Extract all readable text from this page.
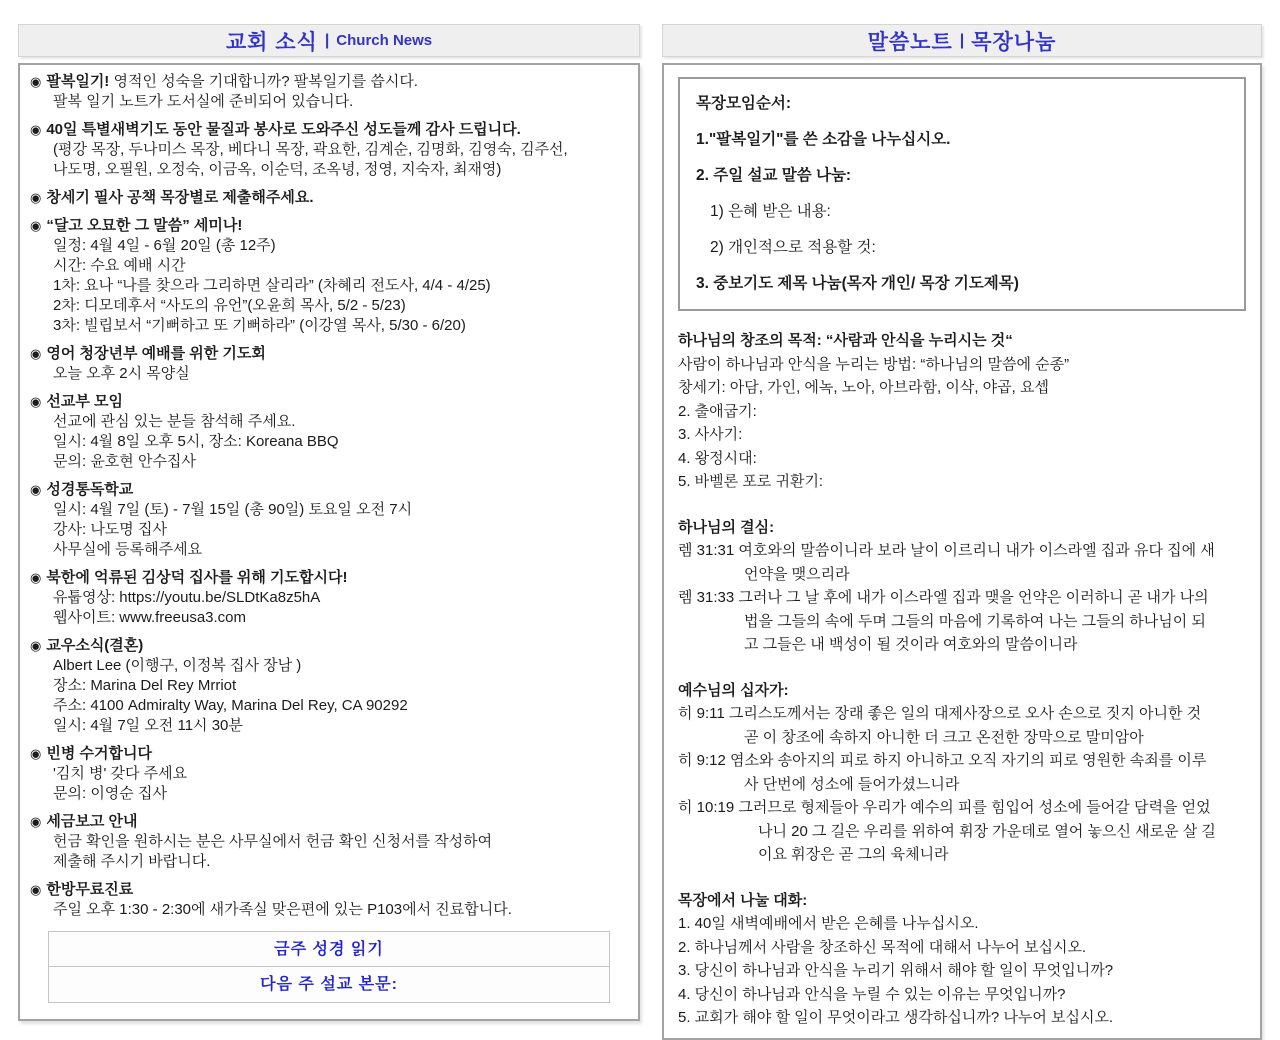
교회 소식 | Church News
◉ 팔복일기! 영적인 성숙을 기대합니까? 팔복일기를 씁시다.
팔복 일기 노트가 도서실에 준비되어 있습니다.
◉ 40일 특별새벽기도 동안 물질과 봉사로 도와주신 성도들께 감사 드립니다.
(평강 목장, 두나미스 목장, 베다니 목장, 곽요한, 김계순, 김명화, 김영숙, 김주선,
나도명, 오필원, 오정숙, 이금옥, 이순덕, 조옥녕, 정영, 지숙자, 최재영)
◉ 창세기 필사 공책 목장별로 제출해주세요.
◉ “달고 오묘한 그 말씀” 세미나!
일정: 4월 4일 - 6월 20일 (총 12주)
시간: 수요 예배 시간
1차: 요나 “나를 찾으라 그리하면 살리라” (차혜리 전도사, 4/4 - 4/25)
2차: 디모데후서 “사도의 유언”(오윤희 목사, 5/2 - 5/23)
3차: 빌립보서 “기뻐하고 또 기뻐하라” (이강열 목사, 5/30 - 6/20)
◉ 영어 청장년부 예배를 위한 기도회
오늘 오후 2시 목양실
◉ 선교부 모임
선교에 관심 있는 분들 참석해 주세요.
일시: 4월 8일 오후 5시, 장소: Koreana BBQ
문의: 윤호현 안수집사
◉ 성경통독학교
일시: 4월 7일 (토) - 7월 15일 (총 90일) 토요일 오전 7시
강사: 나도명 집사
사무실에 등록해주세요
◉ 북한에 억류된 김상덕 집사를 위해 기도합시다!
유툽영상: https://youtu.be/SLDtKa8z5hA
웹사이트: www.freeusa3.com
◉ 교우소식(결혼)
Albert Lee (이행구, 이정복 집사 장남 )
장소: Marina Del Rey Mrriot
주소: 4100 Admiralty Way, Marina Del Rey, CA 90292
일시: 4월 7일 오전 11시 30분
◉ 빈병 수거합니다
'김치 병' 갖다 주세요
문의: 이영순 집사
◉ 세금보고 안내
헌금 확인을 원하시는 분은 사무실에서 헌금 확인 신청서를 작성하여
제출해 주시기 바랍니다.
◉ 한방무료진료
주일 오후 1:30 - 2:30에 새가족실 맞은편에 있는 P103에서 진료합니다.
금주 성경 읽기
다음 주 설교 본문:
말씀노트 | 목장나눔
목장모임순서:
1."팔복일기"를 쓴 소감을 나누십시오.
2. 주일 설교 말씀 나눔:
1) 은혜 받은 내용:
2) 개인적으로 적용할 것:
3. 중보기도 제목 나눔(목자 개인/ 목장 기도제목)
하나님의 창조의 목적: “사람과 안식을 누리시는 것“
사람이 하나님과 안식을 누리는 방법: “하나님의 말씀에 순종”
창세기: 아담, 가인, 에녹, 노아, 아브라함, 이삭, 야곱, 요셉
2. 출애굽기:
3. 사사기:
4. 왕정시대:
5. 바벨론 포로 귀환기:
하나님의 결심:
렘 31:31 여호와의 말씀이니라 보라 날이 이르리니 내가 이스라엘 집과 유다 집에 새
언약을 맺으리라
렘 31:33 그러나 그 날 후에 내가 이스라엘 집과 맺을 언약은 이러하니 곧 내가 나의
법을 그들의 속에 두며 그들의 마음에 기록하여 나는 그들의 하나님이 되
고 그들은 내 백성이 될 것이라 여호와의 말씀이니라
예수님의 십자가:
히 9:11 그리스도께서는 장래 좋은 일의 대제사장으로 오사 손으로 짓지 아니한 것
곧 이 창조에 속하지 아니한 더 크고 온전한 장막으로 말미암아
히 9:12 염소와 송아지의 피로 하지 아니하고 오직 자기의 피로 영원한 속죄를 이루
사 단번에 성소에 들어가셨느니라
히 10:19 그러므로 형제들아 우리가 예수의 피를 힘입어 성소에 들어갈 담력을 얻었
나니 20 그 길은 우리를 위하여 휘장 가운데로 열어 놓으신 새로운 살 길
이요 휘장은 곧 그의 육체니라
목장에서 나눌 대화:
1. 40일 새벽예배에서 받은 은혜를 나누십시오.
2. 하나님께서 사람을 창조하신 목적에 대해서 나누어 보십시오.
3. 당신이 하나님과 안식을 누리기 위해서 해야 할 일이 무엇입니까?
4. 당신이 하나님과 안식을 누릴 수 있는 이유는 무엇입니까?
5. 교회가 해야 할 일이 무엇이라고 생각하십니까? 나누어 보십시오.
